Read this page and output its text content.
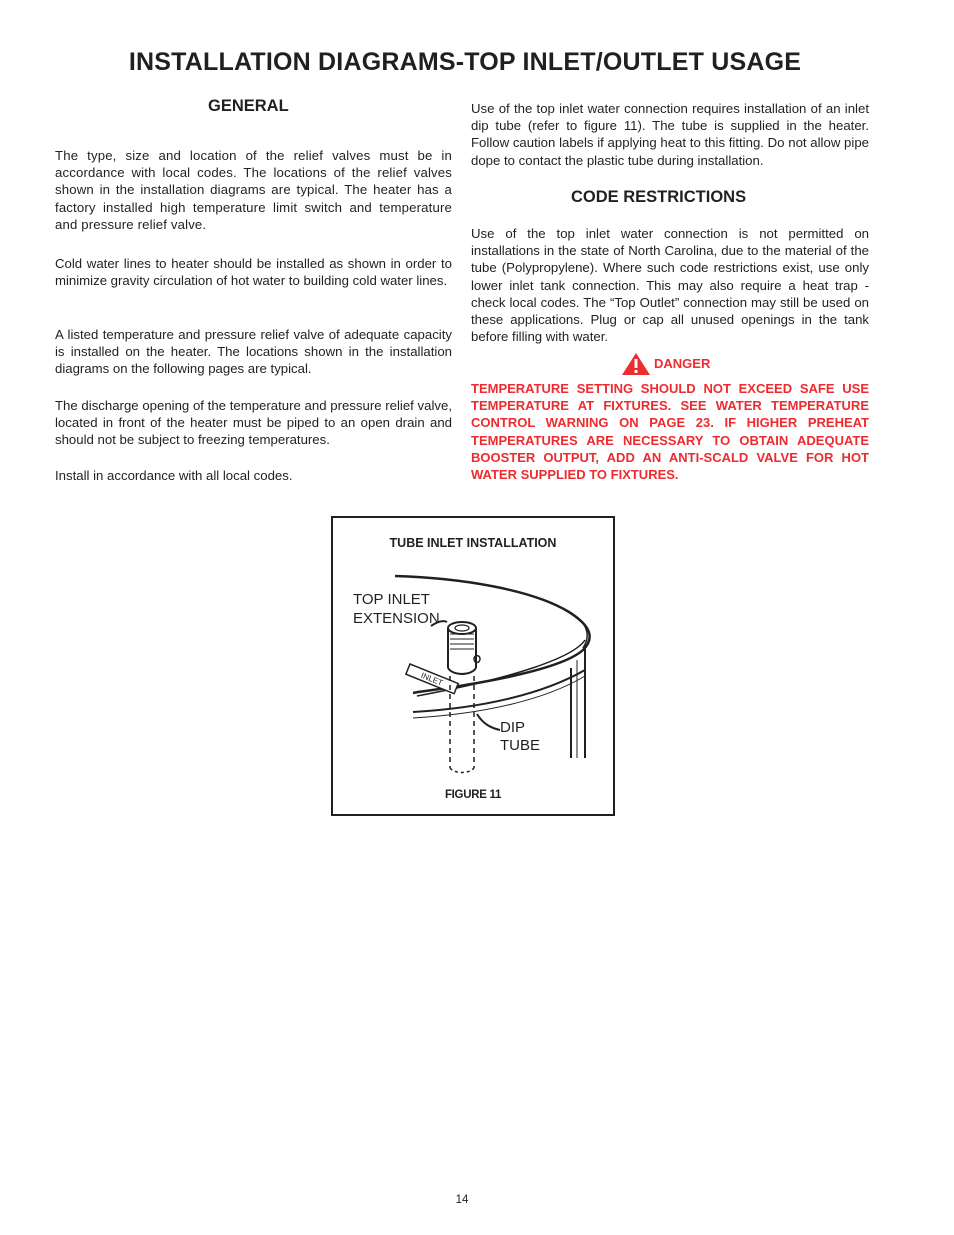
INSTALLATION DIAGRAMS-TOP INLET/OUTLET USAGE
GENERAL

The type, size and location of the relief valves must be in accordance with local codes. The locations of the relief valves shown in the installation diagrams are typical. The heater has a factory installed high temperature limit switch and temperature and pressure relief valve.

Cold water lines to heater should be installed as shown in order to minimize gravity circulation of hot water to building cold water lines.

A listed temperature and pressure relief valve of adequate capacity is installed on the heater. The locations shown in the installation diagrams on the following pages are typical.

The discharge opening of the temperature and pressure relief valve, located in front of the heater must be piped to an open drain and should not be subject to freezing temperatures.

Install in accordance with all local codes.

Use of the top inlet water connection requires installation of an inlet dip tube (refer to figure 11). The tube is supplied in the heater. Follow caution labels if applying heat to this fitting. Do not allow pipe dope to contact the plastic tube during installation.

CODE RESTRICTIONS

Use of the top inlet water connection is not permitted on installations in the state of North Carolina, due to the material of the tube (Polypropylene). Where such code restrictions exist, use only lower inlet tank connection. This may also require a heat trap - check local codes. The “Top Outlet” connection may still be used on these applications. Plug or cap all unused openings in the tank before filling with water.

DANGER

TEMPERATURE SETTING SHOULD NOT EXCEED SAFE USE TEMPERATURE AT FIXTURES. SEE WATER TEMPERATURE CONTROL WARNING ON PAGE 23. IF HIGHER PREHEAT TEMPERATURES ARE NECESSARY TO OBTAIN ADEQUATE BOOSTER OUTPUT, ADD AN ANTI-SCALD VALVE FOR HOT WATER SUPPLIED TO FIXTURES.

INLET
TOP INLET
EXTENSION
DIP
TUBE

TUBE INLET INSTALLATION

FIGURE 11

14
